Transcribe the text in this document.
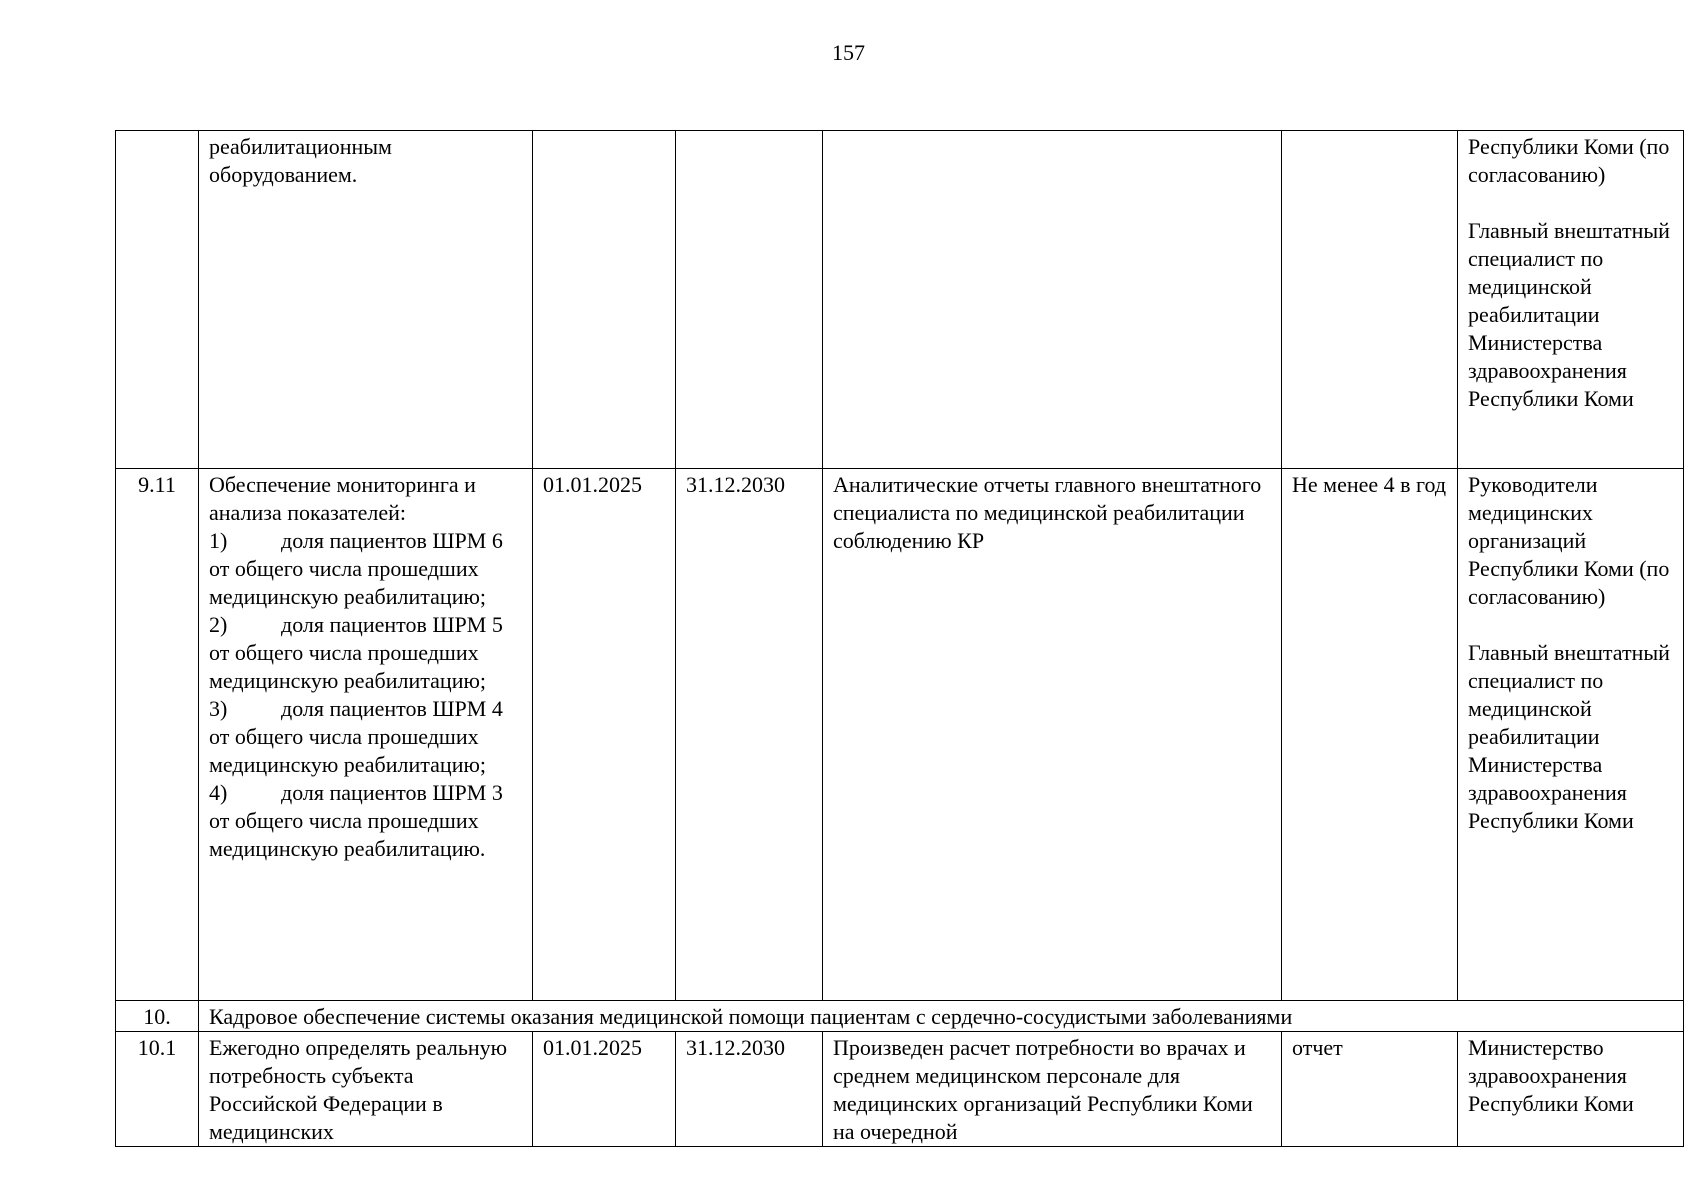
157
	реабилитационным оборудованием.					Республики Коми (по согласованию)
Главный внештатный специалист по медицинской реабилитации Министерства здравоохранения Республики Коми

9.11	Обеспечение мониторинга и анализа показателей:
1) доля пациентов ШРМ 6 от общего числа прошедших медицинскую реабилитацию;
2) доля пациентов ШРМ 5 от общего числа прошедших медицинскую реабилитацию;
3) доля пациентов ШРМ 4 от общего числа прошедших медицинскую реабилитацию;
4) доля пациентов ШРМ 3 от общего числа прошедших медицинскую реабилитацию.	01.01.2025	31.12.2030	Аналитические отчеты главного внештатного специалиста по медицинской реабилитации соблюдению КР	Не менее 4 в год	Руководители медицинских организаций Республики Коми (по согласованию)
Главный внештатный специалист по медицинской реабилитации Министерства здравоохранения Республики Коми

10.	Кадровое обеспечение системы оказания медицинской помощи пациентам с сердечно-сосудистыми заболеваниями					
10.1	Ежегодно определять реальную потребность субъекта Российской Федерации в медицинских	01.01.2025	31.12.2030	Произведен расчет потребности во врачах и среднем медицинском персонале для медицинских организаций Республики Коми на очередной	отчет	Министерство здравоохранения Республики Коми
